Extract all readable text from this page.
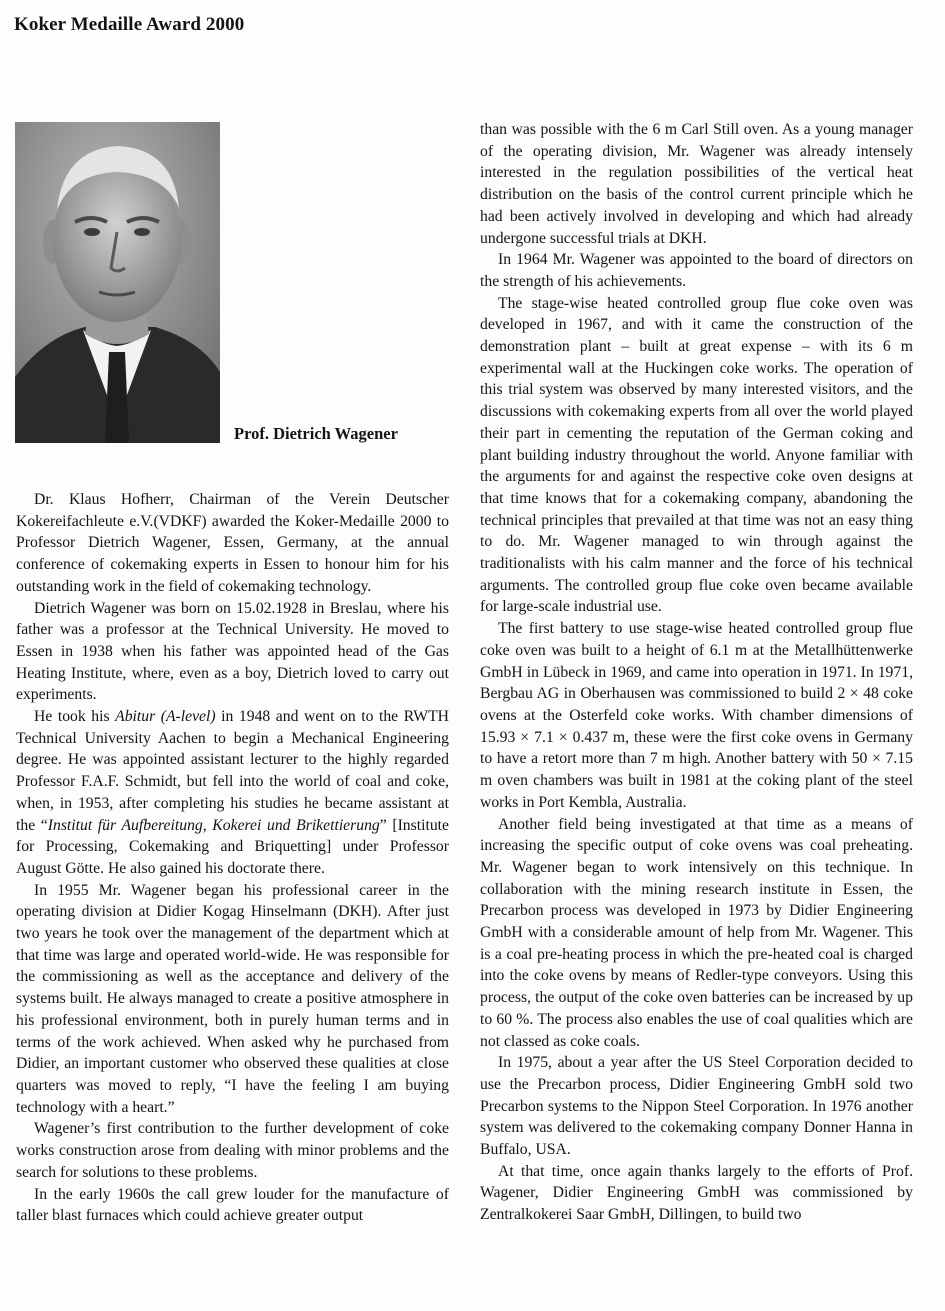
Koker Medaille Award 2000
Prof. Dietrich Wagener

Dr. Klaus Hofherr, Chairman of the Verein Deutscher Kokereifachleute e.V.(VDKF) awarded the Koker-Medaille 2000 to Professor Dietrich Wagener, Essen, Germany, at the annual conference of cokemaking experts in Essen to honour him for his outstanding work in the field of cokemaking technology.

Dietrich Wagener was born on 15.02.1928 in Breslau, where his father was a professor at the Technical University. He moved to Essen in 1938 when his father was appointed head of the Gas Heating Institute, where, even as a boy, Dietrich loved to carry out experiments.

He took his Abitur (A-level) in 1948 and went on to the RWTH Technical University Aachen to begin a Mechanical Engineering degree. He was appointed assistant lecturer to the highly regarded Professor F.A.F. Schmidt, but fell into the world of coal and coke, when, in 1953, after completing his studies he became assistant at the “Institut für Aufbereitung, Kokerei und Brikettierung” [Institute for Processing, Cokemaking and Briquetting] under Professor August Götte. He also gained his doctorate there.

In 1955 Mr. Wagener began his professional career in the operating division at Didier Kogag Hinselmann (DKH). After just two years he took over the management of the department which at that time was large and operated world-wide. He was responsible for the commissioning as well as the acceptance and delivery of the systems built. He always managed to create a positive atmosphere in his professional environment, both in purely human terms and in terms of the work achieved. When asked why he purchased from Didier, an important customer who observed these qualities at close quarters was moved to reply, “I have the feeling I am buying technology with a heart.”

Wagener’s first contribution to the further development of coke works construction arose from dealing with minor problems and the search for solutions to these problems.

In the early 1960s the call grew louder for the manufacture of taller blast furnaces which could achieve greater output

than was possible with the 6 m Carl Still oven. As a young manager of the operating division, Mr. Wagener was already intensely interested in the regulation possibilities of the vertical heat distribution on the basis of the control current principle which he had been actively involved in developing and which had already undergone successful trials at DKH.

In 1964 Mr. Wagener was appointed to the board of directors on the strength of his achievements.

The stage-wise heated controlled group flue coke oven was developed in 1967, and with it came the construction of the demonstration plant – built at great expense – with its 6 m experimental wall at the Huckingen coke works. The operation of this trial system was observed by many interested visitors, and the discussions with cokemaking experts from all over the world played their part in cementing the reputation of the German coking and plant building industry throughout the world. Anyone familiar with the arguments for and against the respective coke oven designs at that time knows that for a cokemaking company, abandoning the technical principles that prevailed at that time was not an easy thing to do. Mr. Wagener managed to win through against the traditionalists with his calm manner and the force of his technical arguments. The controlled group flue coke oven became available for large-scale industrial use.

The first battery to use stage-wise heated controlled group flue coke oven was built to a height of 6.1 m at the Metallhüttenwerke GmbH in Lübeck in 1969, and came into operation in 1971. In 1971, Bergbau AG in Oberhausen was commissioned to build 2 × 48 coke ovens at the Osterfeld coke works. With chamber dimensions of 15.93 × 7.1 × 0.437 m, these were the first coke ovens in Germany to have a retort more than 7 m high. Another battery with 50 × 7.15 m oven chambers was built in 1981 at the coking plant of the steel works in Port Kembla, Australia.

Another field being investigated at that time as a means of increasing the specific output of coke ovens was coal preheating. Mr. Wagener began to work intensively on this technique. In collaboration with the mining research institute in Essen, the Precarbon process was developed in 1973 by Didier Engineering GmbH with a considerable amount of help from Mr. Wagener. This is a coal pre-heating process in which the pre-heated coal is charged into the coke ovens by means of Redler-type conveyors. Using this process, the output of the coke oven batteries can be increased by up to 60 %. The process also enables the use of coal qualities which are not classed as coke coals.

In 1975, about a year after the US Steel Corporation decided to use the Precarbon process, Didier Engineering GmbH sold two Precarbon systems to the Nippon Steel Corporation. In 1976 another system was delivered to the cokemaking company Donner Hanna in Buffalo, USA.

At that time, once again thanks largely to the efforts of Prof. Wagener, Didier Engineering GmbH was commissioned by Zentralkokerei Saar GmbH, Dillingen, to build two
